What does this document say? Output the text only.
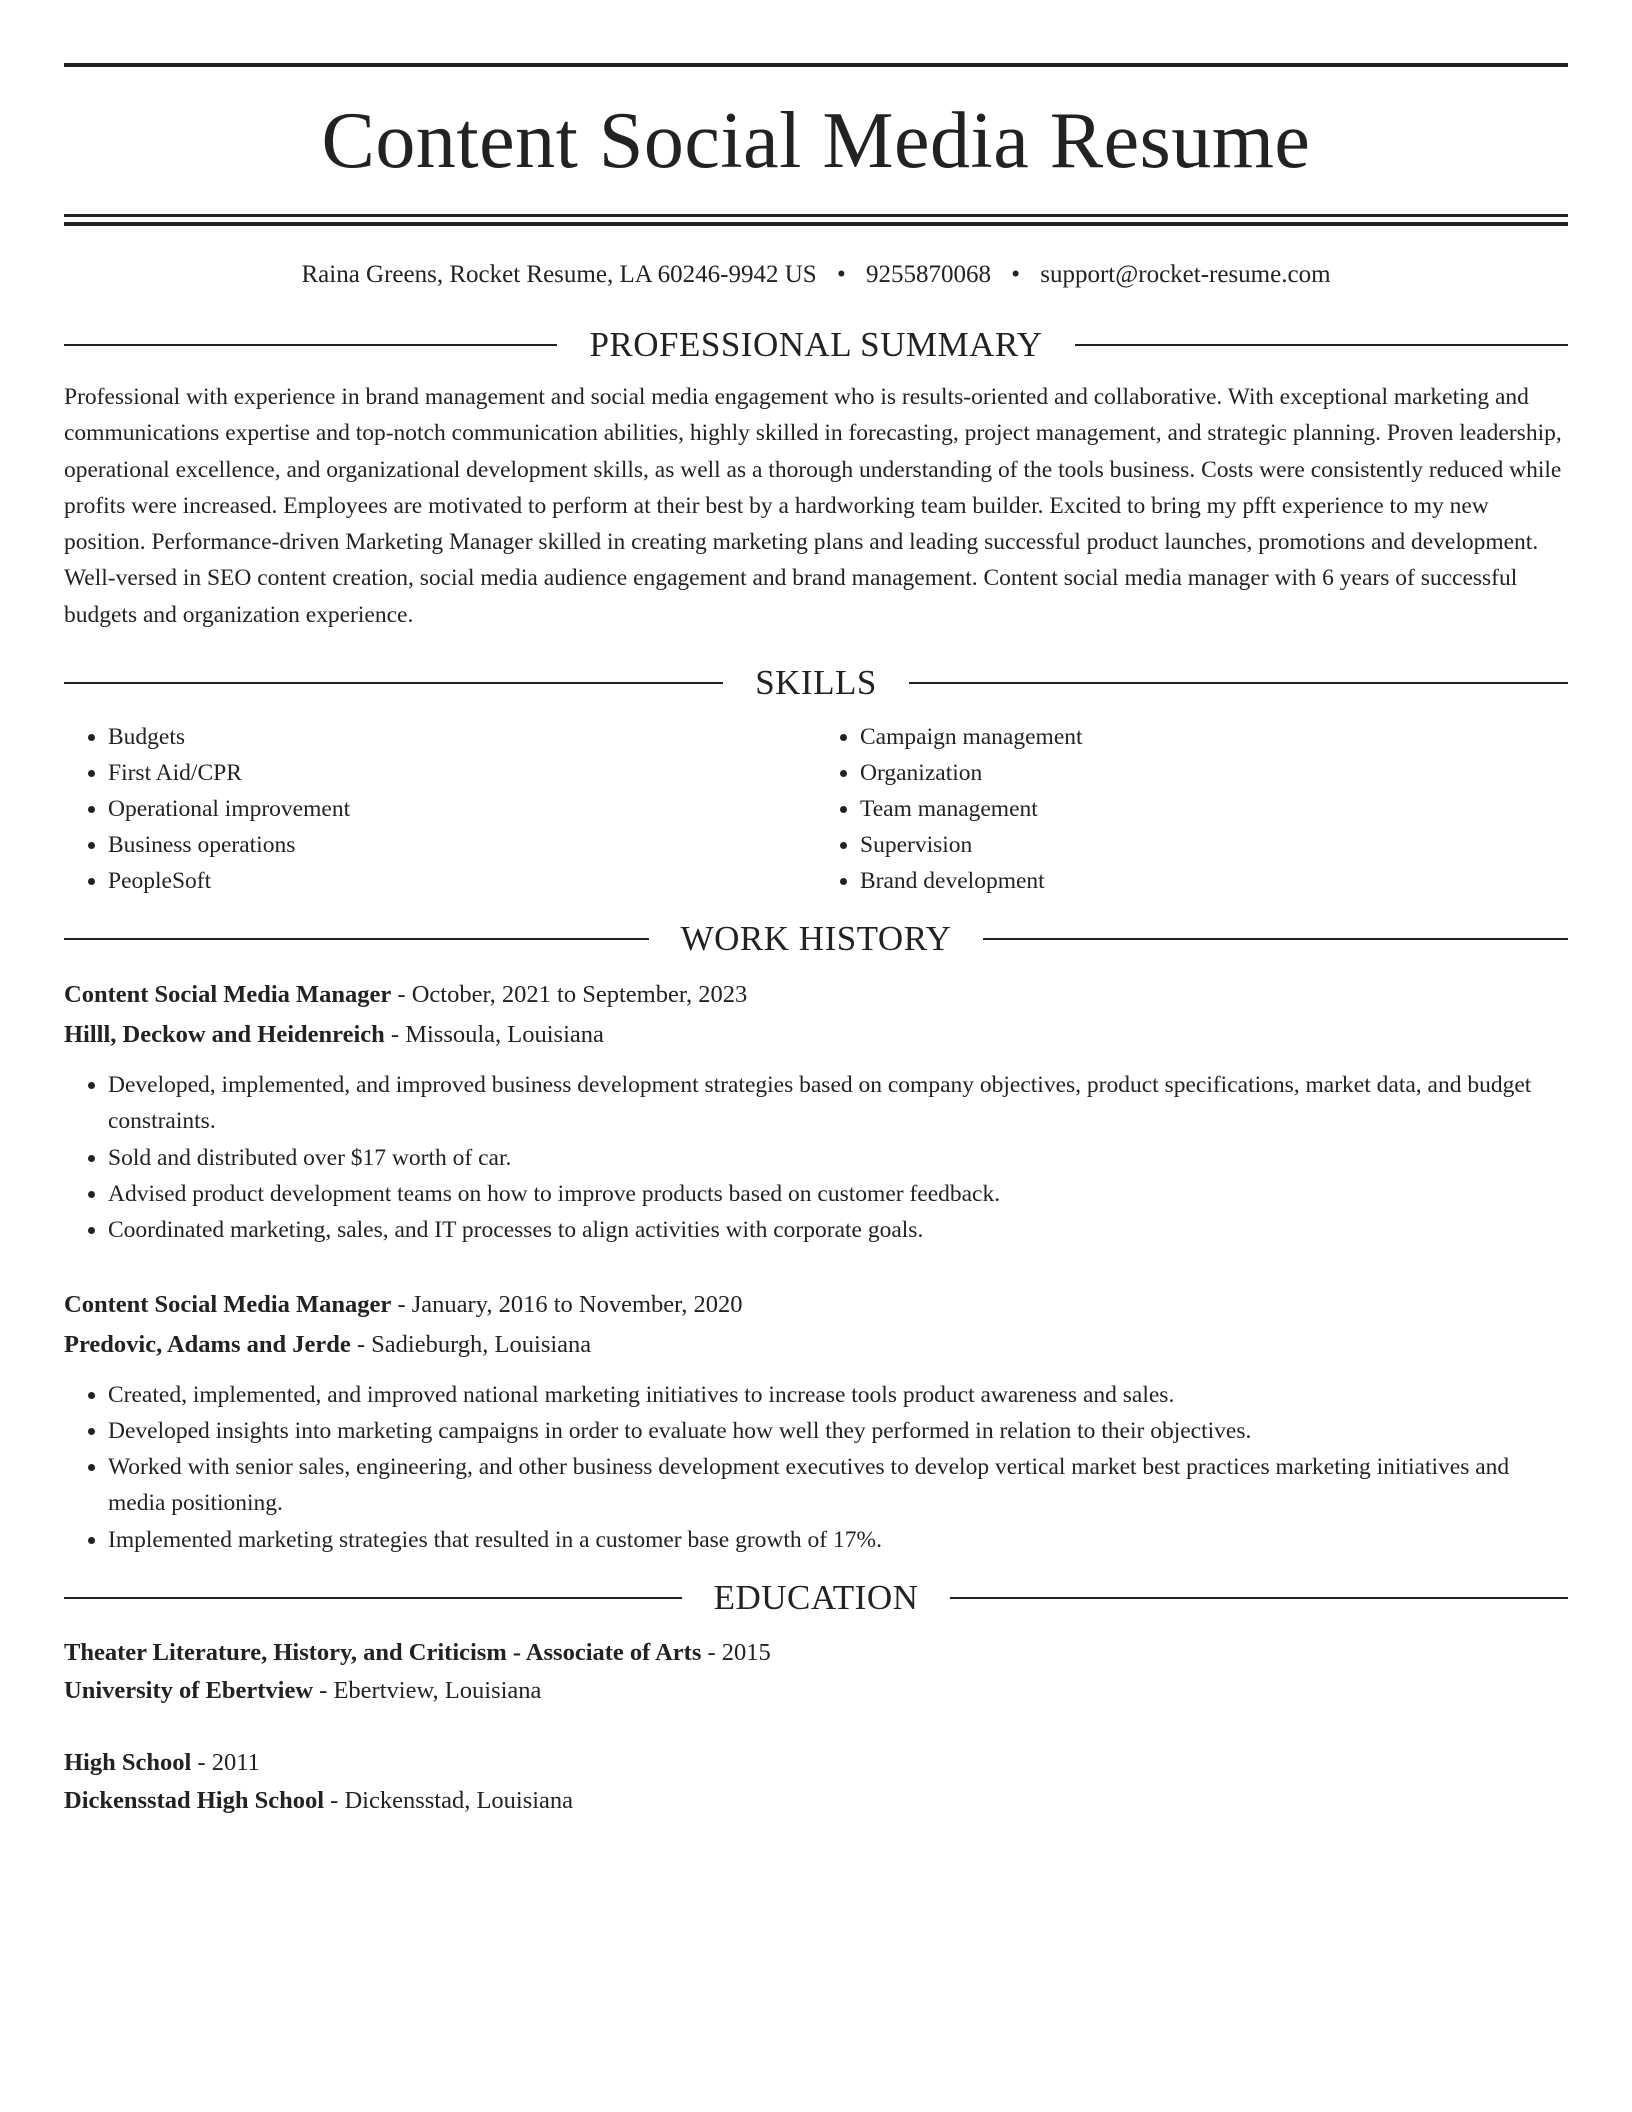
Content Social Media Resume
Raina Greens, Rocket Resume, LA 60246-9942 US • 9255870068 • support@rocket-resume.com
PROFESSIONAL SUMMARY
Professional with experience in brand management and social media engagement who is results-oriented and collaborative. With exceptional marketing and communications expertise and top-notch communication abilities, highly skilled in forecasting, project management, and strategic planning. Proven leadership, operational excellence, and organizational development skills, as well as a thorough understanding of the tools business. Costs were consistently reduced while profits were increased. Employees are motivated to perform at their best by a hardworking team builder. Excited to bring my pfft experience to my new position. Performance-driven Marketing Manager skilled in creating marketing plans and leading successful product launches, promotions and development. Well-versed in SEO content creation, social media audience engagement and brand management. Content social media manager with 6 years of successful budgets and organization experience.
SKILLS
• Budgets
• First Aid/CPR
• Operational improvement
• Business operations
• PeopleSoft
• Campaign management
• Organization
• Team management
• Supervision
• Brand development
WORK HISTORY
Content Social Media Manager - October, 2021 to September, 2023
Hilll, Deckow and Heidenreich - Missoula, Louisiana
• Developed, implemented, and improved business development strategies based on company objectives, product specifications, market data, and budget constraints.
• Sold and distributed over $17 worth of car.
• Advised product development teams on how to improve products based on customer feedback.
• Coordinated marketing, sales, and IT processes to align activities with corporate goals.
Content Social Media Manager - January, 2016 to November, 2020
Predovic, Adams and Jerde - Sadieburgh, Louisiana
• Created, implemented, and improved national marketing initiatives to increase tools product awareness and sales.
• Developed insights into marketing campaigns in order to evaluate how well they performed in relation to their objectives.
• Worked with senior sales, engineering, and other business development executives to develop vertical market best practices marketing initiatives and media positioning.
• Implemented marketing strategies that resulted in a customer base growth of 17%.
EDUCATION
Theater Literature, History, and Criticism - Associate of Arts - 2015
University of Ebertview - Ebertview, Louisiana
High School - 2011
Dickensstad High School - Dickensstad, Louisiana
